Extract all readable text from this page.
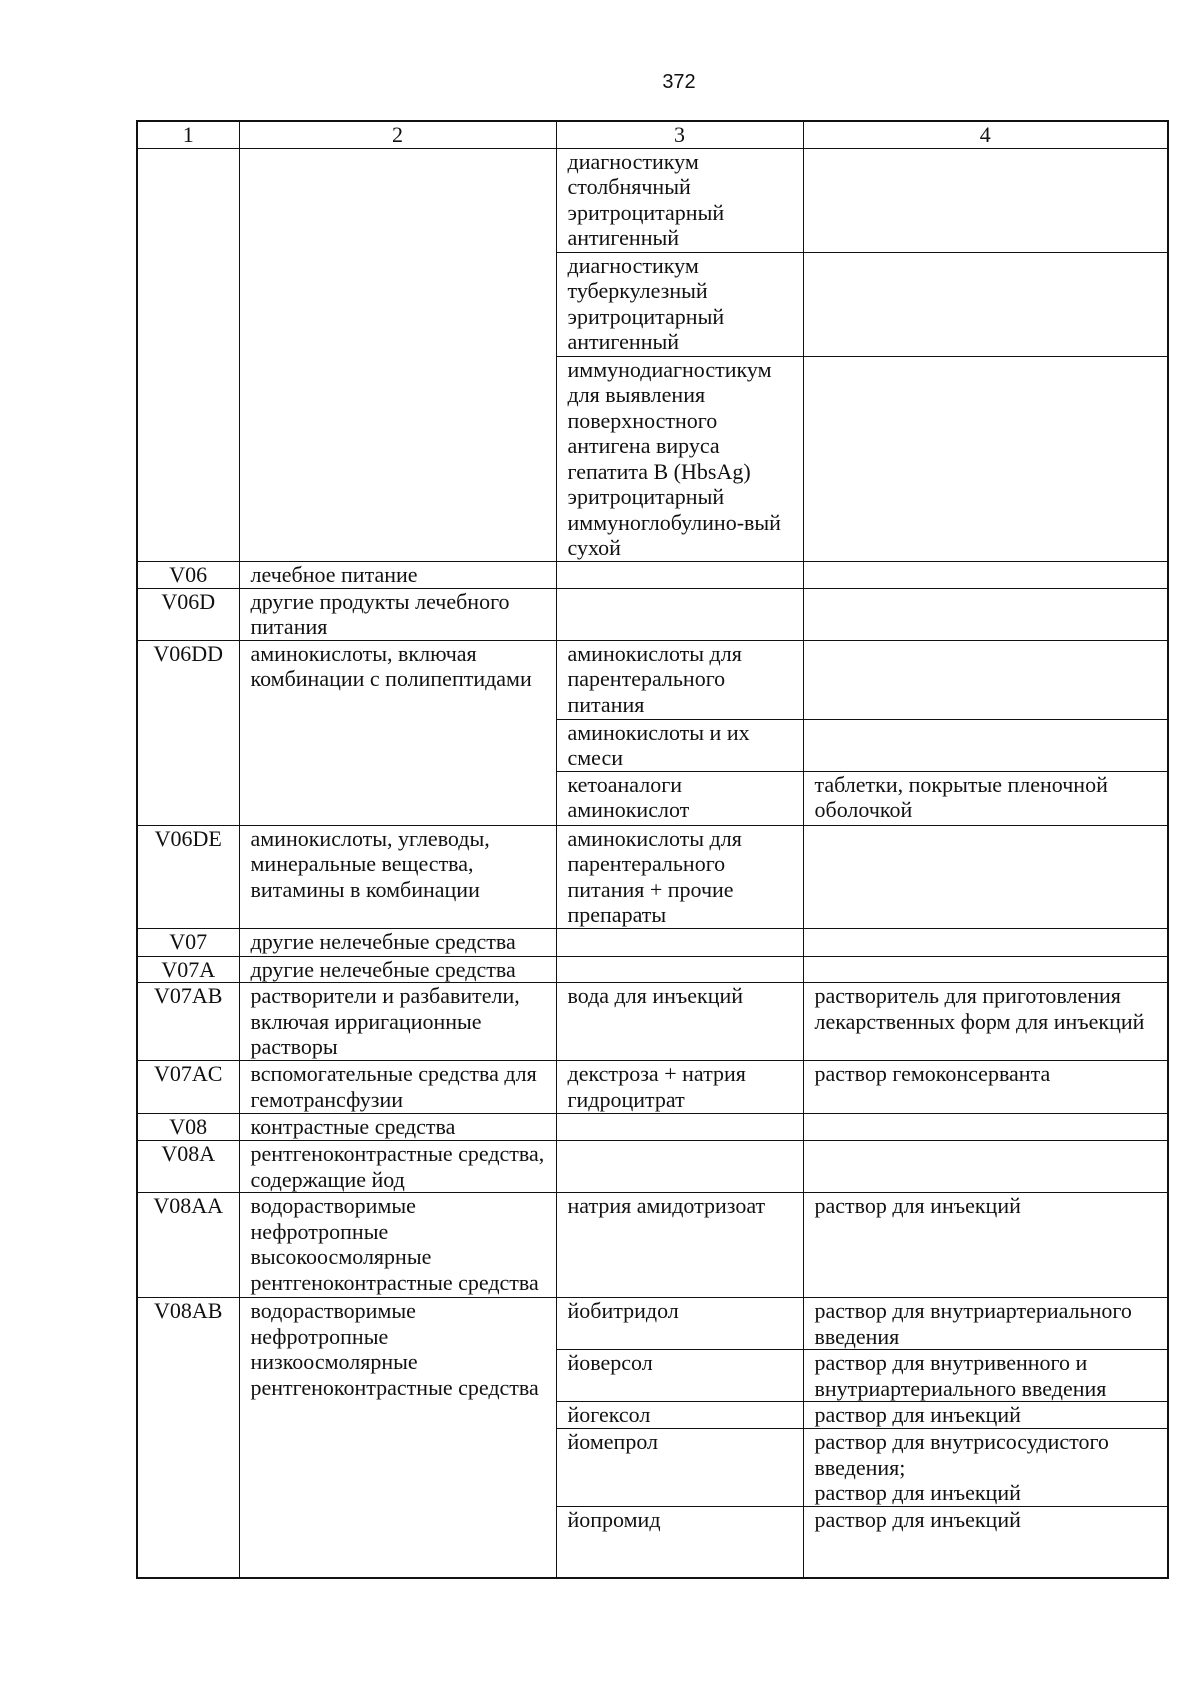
372
1	2	3	4
		диагностикум столбнячный эритроцитарный антигенный	
		диагностикум туберкулезный эритроцитарный антигенный	
		иммунодиагностикум для выявления поверхностного антигена вируса гепатита В (HbsAg) эритроцитарный иммуноглобулино-вый сухой	
V06	лечебное питание		
V06D	другие продукты лечебного питания		
V06DD	аминокислоты, включая комбинации с полипептидами	аминокислоты для парентерального питания	
		аминокислоты и их смеси	
		кетоаналоги аминокислот	таблетки, покрытые пленочной оболочкой
V06DE	аминокислоты, углеводы, минеральные вещества, витамины в комбинации	аминокислоты для парентерального питания + прочие препараты	
V07	другие нелечебные средства		
V07A	другие нелечебные средства		
V07AB	растворители и разбавители, включая ирригационные растворы	вода для инъекций	растворитель для приготовления лекарственных форм для инъекций
V07AC	вспомогательные средства для гемотрансфузии	декстроза + натрия гидроцитрат	раствор гемоконсерванта
V08	контрастные средства		
V08A	рентгеноконтрастные средства, содержащие йод		
V08AA	водорастворимые нефротропные высокоосмолярные рентгеноконтрастные средства	натрия амидотризоат	раствор для инъекций
V08AB	водорастворимые нефротропные низкоосмолярные рентгеноконтрастные средства	йобитридол	раствор для внутриартериального введения
		йоверсол	раствор для внутривенного и внутриартериального введения
		йогексол	раствор для инъекций
		йомепрол	раствор для внутрисосудистого введения;
раствор для инъекций
		йопромид	раствор для инъекций
